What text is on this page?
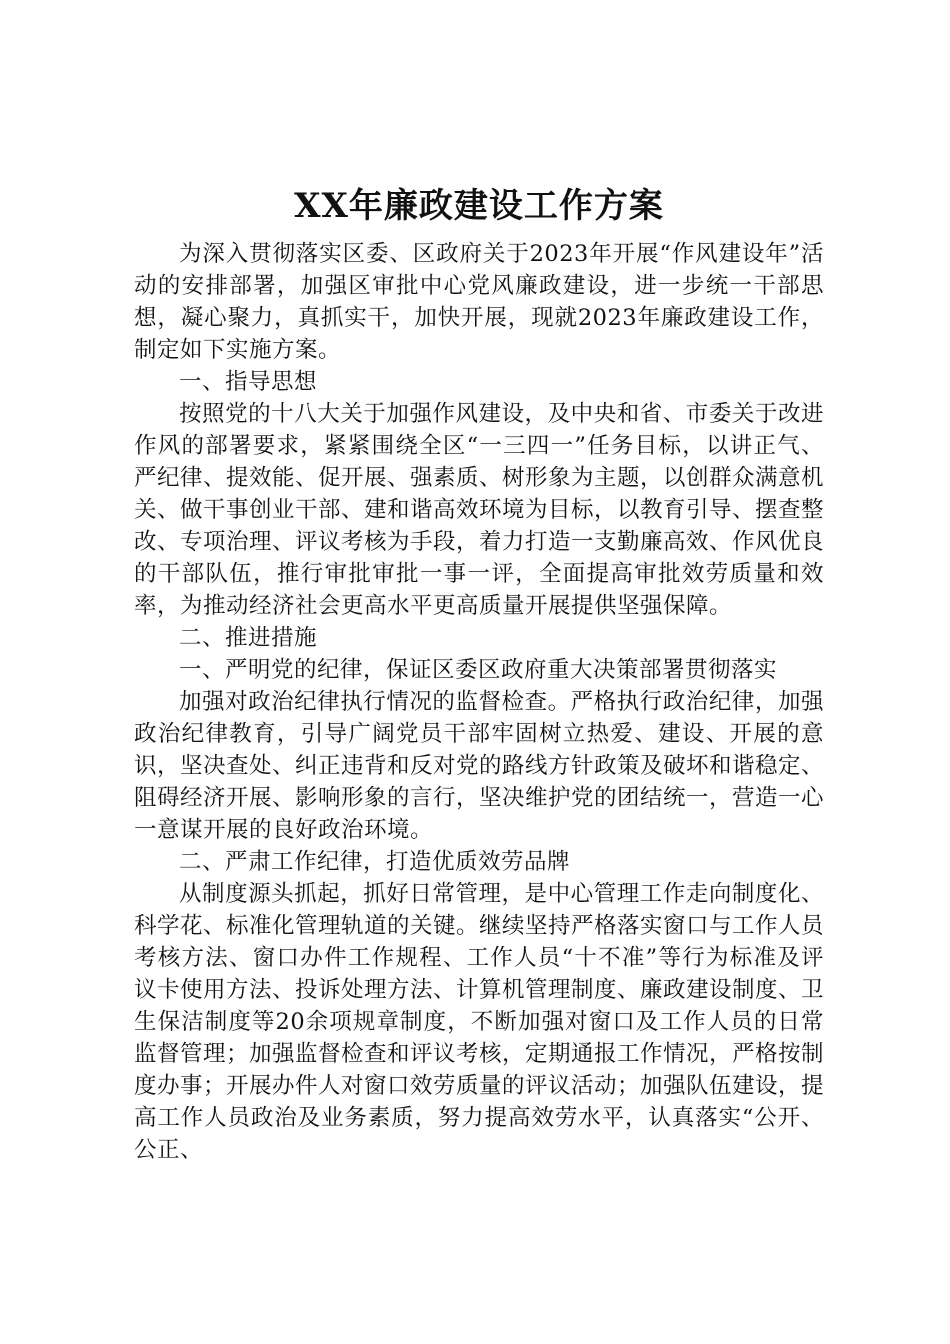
XX年廉政建设工作方案

为深入贯彻落实区委、区政府关于2023年开展“作风建设年”活动的安排部署，加强区审批中心党风廉政建设，进一步统一干部思想，凝心聚力，真抓实干，加快开展，现就2023年廉政建设工作，制定如下实施方案。

一、指导思想

按照党的十八大关于加强作风建设，及中央和省、市委关于改进作风的部署要求，紧紧围绕全区“一三四一”任务目标，以讲正气、严纪律、提效能、促开展、强素质、树形象为主题，以创群众满意机关、做干事创业干部、建和谐高效环境为目标，以教育引导、摆查整改、专项治理、评议考核为手段，着力打造一支勤廉高效、作风优良的干部队伍，推行审批审批一事一评，全面提高审批效劳质量和效率，为推动经济社会更高水平更高质量开展提供坚强保障。

二、推进措施

一、严明党的纪律，保证区委区政府重大决策部署贯彻落实

加强对政治纪律执行情况的监督检查。严格执行政治纪律，加强政治纪律教育，引导广阔党员干部牢固树立热爱、建设、开展的意识，坚决查处、纠正违背和反对党的路线方针政策及破坏和谐稳定、阻碍经济开展、影响形象的言行，坚决维护党的团结统一，营造一心一意谋开展的良好政治环境。

二、严肃工作纪律，打造优质效劳品牌

从制度源头抓起，抓好日常管理，是中心管理工作走向制度化、科学花、标准化管理轨道的关键。继续坚持严格落实窗口与工作人员考核方法、窗口办件工作规程、工作人员“十不准”等行为标准及评议卡使用方法、投诉处理方法、计算机管理制度、廉政建设制度、卫生保洁制度等20余项规章制度，不断加强对窗口及工作人员的日常监督管理；加强监督检查和评议考核，定期通报工作情况，严格按制度办事；开展办件人对窗口效劳质量的评议活动；加强队伍建设，提高工作人员政治及业务素质，努力提高效劳水平，认真落实“公开、公正、
